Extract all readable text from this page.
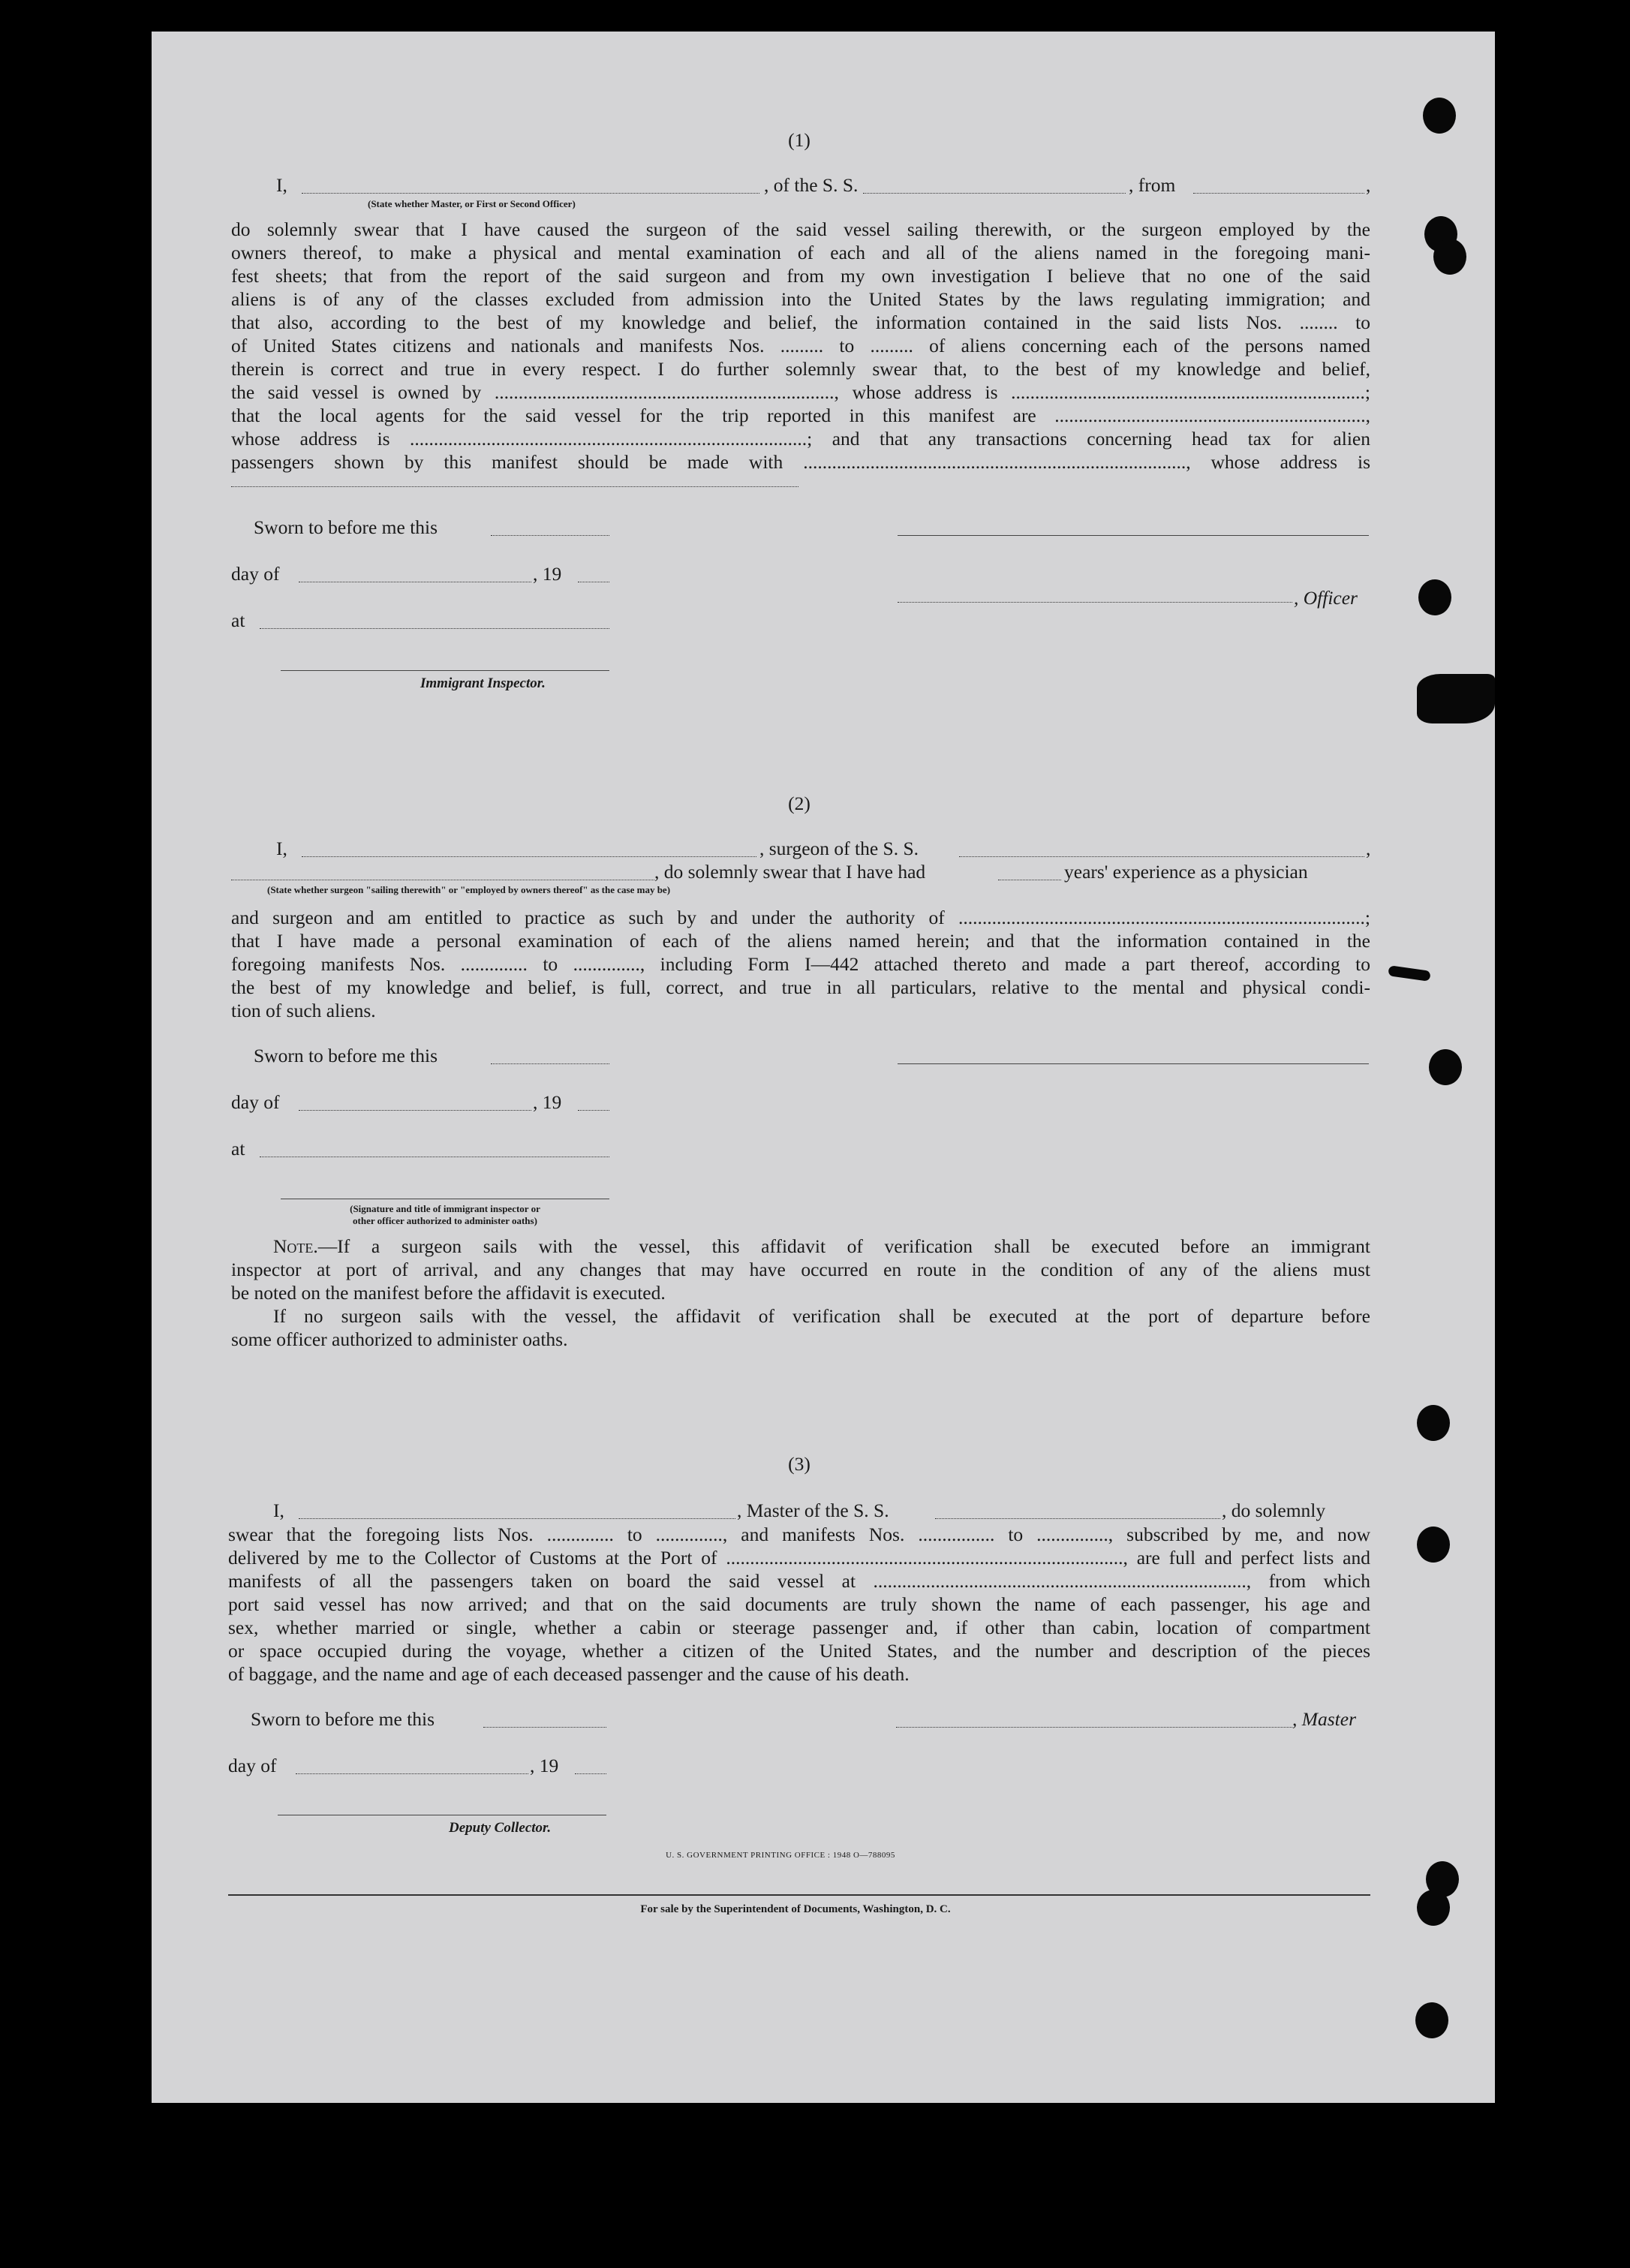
(1)
I,	, of the S. S.	, from	,
(State whether Master, or First or Second Officer)
do solemnly swear that I have caused the surgeon of the said vessel sailing therewith, or the surgeon employed by the
owners thereof, to make a physical and mental examination of each and all of the aliens named in the foregoing mani-
fest sheets; that from the report of the said surgeon and from my own investigation I believe that no one of the said
aliens is of any of the classes excluded from admission into the United States by the laws regulating immigration; and
that also, according to the best of my knowledge and belief, the information contained in the said lists Nos. ........ to
of United States citizens and nationals and manifests Nos. ......... to ......... of aliens concerning each of the persons named
therein is correct and true in every respect. I do further solemnly swear that, to the best of my knowledge and belief,
the said vessel is owned by ......................................................................., whose address is ..........................................................................;
that the local agents for the said vessel for the trip reported in this manifest are .................................................................,
whose address is ...................................................................................; and that any transactions concerning head tax for alien
passengers shown by this manifest should be made with ................................................................................, whose address is
Sworn to before me this
day of	, 19
, Officer
at
Immigrant Inspector.
(2)
I,	, surgeon of the S. S.	,
, do solemnly swear that I have had	years' experience as a physician
(State whether surgeon "sailing therewith" or "employed by owners thereof" as the case may be)
and surgeon and am entitled to practice as such by and under the authority of .....................................................................................;
that I have made a personal examination of each of the aliens named herein; and that the information contained in the
foregoing manifests Nos. .............. to .............., including Form I—442 attached thereto and made a part thereof, according to
the best of my knowledge and belief, is full, correct, and true in all particulars, relative to the mental and physical condi-
tion of such aliens.
Sworn to before me this
day of	, 19
at
(Signature and title of immigrant inspector or
other officer authorized to administer oaths)
Note.—If a surgeon sails with the vessel, this affidavit of verification shall be executed before an immigrant
inspector at port of arrival, and any changes that may have occurred en route in the condition of any of the aliens must
be noted on the manifest before the affidavit is executed.
If no surgeon sails with the vessel, the affidavit of verification shall be executed at the port of departure before
some officer authorized to administer oaths.
(3)
I,	, Master of the S. S.	, do solemnly
swear that the foregoing lists Nos. .............. to .............., and manifests Nos. ................ to ..............., subscribed by me, and now
delivered by me to the Collector of Customs at the Port of ..................................................................................., are full and perfect lists and
manifests of all the passengers taken on board the said vessel at .............................................................................., from which
port said vessel has now arrived; and that on the said documents are truly shown the name of each passenger, his age and
sex, whether married or single, whether a cabin or steerage passenger and, if other than cabin, location of compartment
or space occupied during the voyage, whether a citizen of the United States, and the number and description of the pieces
of baggage, and the name and age of each deceased passenger and the cause of his death.
Sworn to before me this	, Master
day of	, 19
Deputy Collector.
U. S. GOVERNMENT PRINTING OFFICE : 1948 O—788095
For sale by the Superintendent of Documents, Washington, D. C.
